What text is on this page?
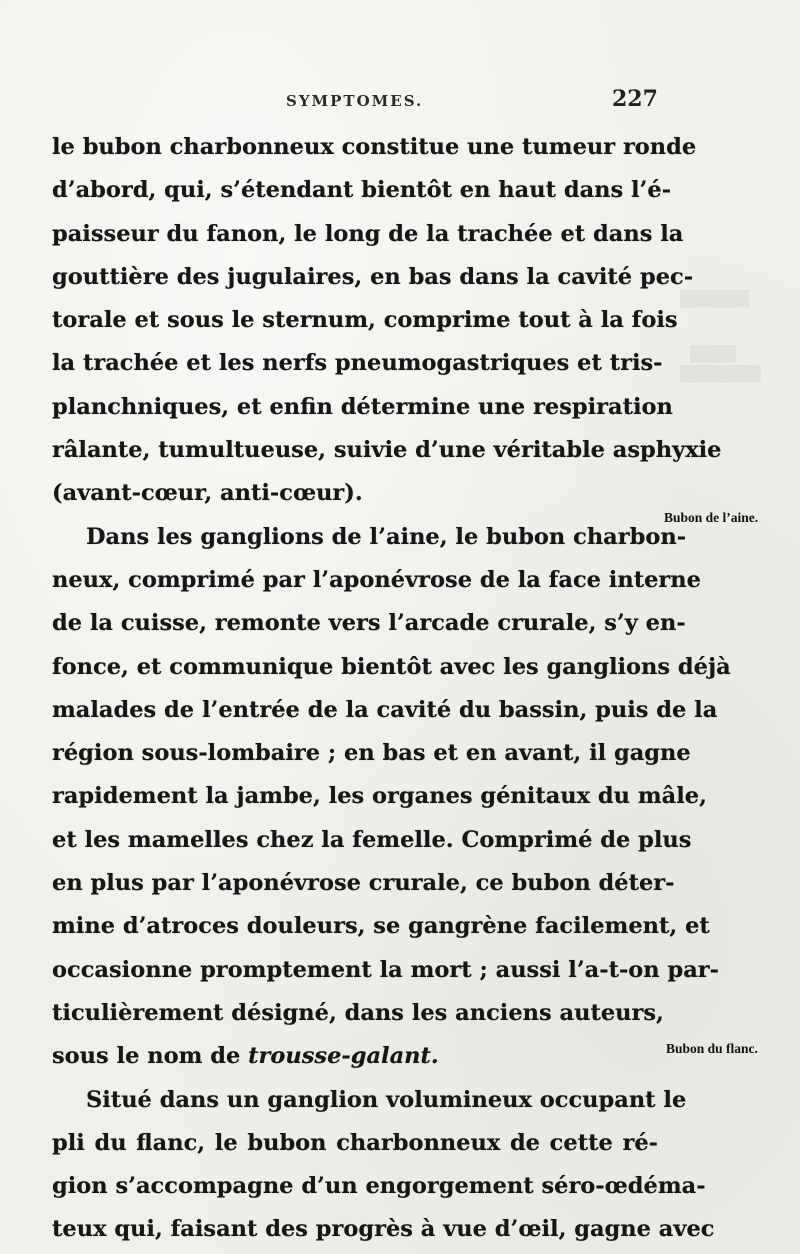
▒▒▒▒▒▒
▒▒▒▒
▒▒▒▒▒▒▒
SYMPTOMES.	227
le bubon charbonneux constitue une tumeur ronde
d’abord, qui, s’étendant bientôt en haut dans l’é-
paisseur du fanon, le long de la trachée et dans la
gouttière des jugulaires, en bas dans la cavité pec-
torale et sous le sternum, comprime tout à la fois
la trachée et les nerfs pneumogastriques et tris-
planchniques, et enfin détermine une respiration
râlante, tumultueuse, suivie d’une véritable asphyxie
(avant-cœur, anti-cœur).
Dans les ganglions de l’aine, le bubon charbon-
neux, comprimé par l’aponévrose de la face interne
de la cuisse, remonte vers l’arcade crurale, s’y en-
fonce, et communique bientôt avec les ganglions déjà
malades de l’entrée de la cavité du bassin, puis de la
région sous-lombaire ; en bas et en avant, il gagne
rapidement la jambe, les organes génitaux du mâle,
et les mamelles chez la femelle. Comprimé de plus
en plus par l’aponévrose crurale, ce bubon déter-
mine d’atroces douleurs, se gangrène facilement, et
occasionne promptement la mort ; aussi l’a-t-on par-
ticulièrement désigné, dans les anciens auteurs,
sous le nom de trousse-galant.
Situé dans un ganglion volumineux occupant le
pli du flanc, le bubon charbonneux de cette ré-
gion s’accompagne d’un engorgement séro-œdéma-
teux qui, faisant des progrès à vue d’œil, gagne avec
Bubon de l’aine.
Bubon du flanc.
